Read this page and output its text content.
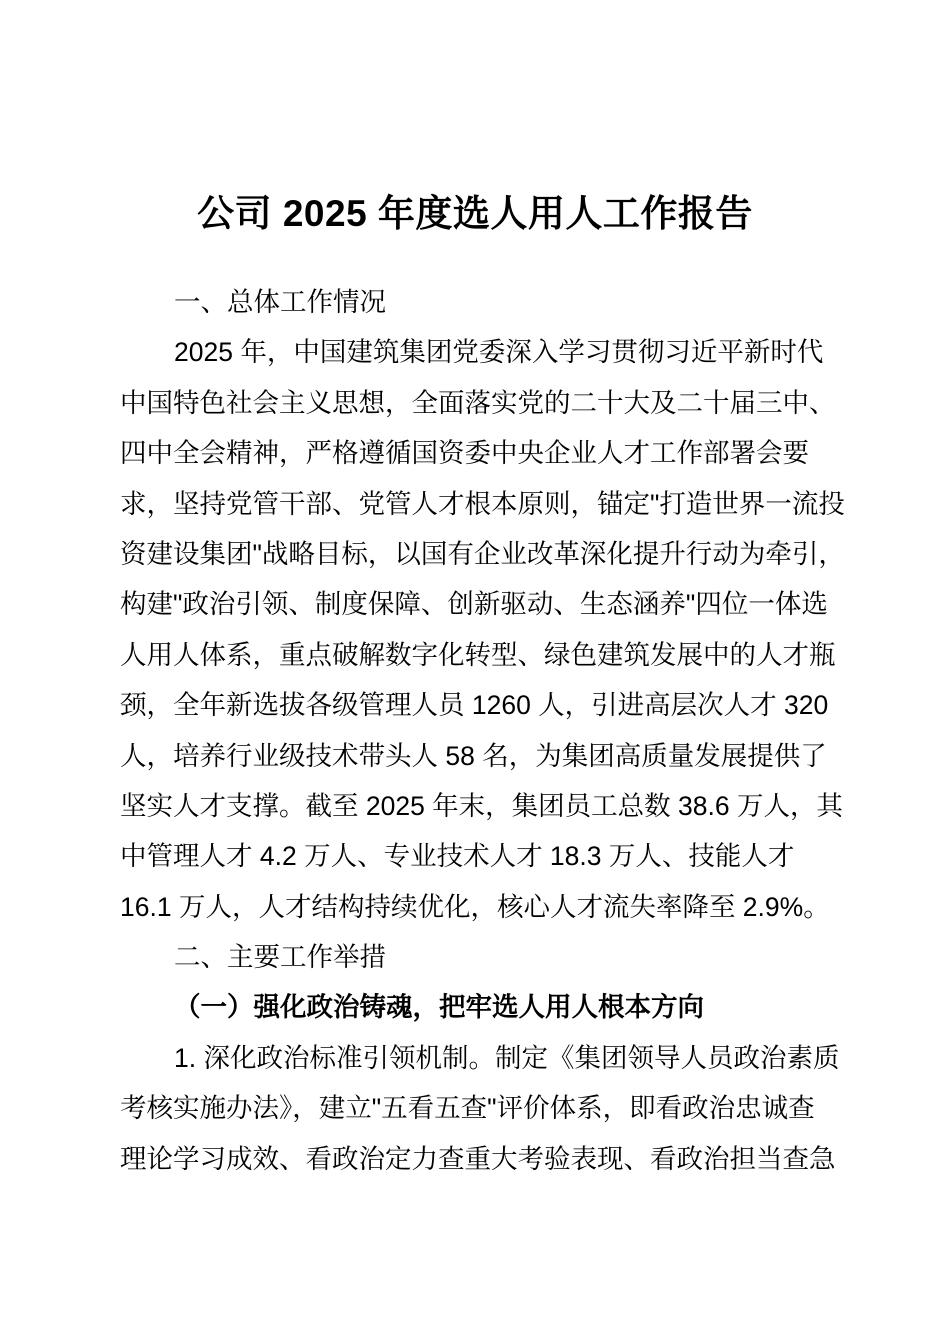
公司 2025 年度选人用人工作报告
一、总体工作情况
2025 年，中国建筑集团党委深入学习贯彻习近平新时代
中国特色社会主义思想，全面落实党的二十大及二十届三中、
四中全会精神，严格遵循国资委中央企业人才工作部署会要
求，坚持党管干部、党管人才根本原则，锚定"打造世界一流投
资建设集团"战略目标，以国有企业改革深化提升行动为牵引，
构建"政治引领、制度保障、创新驱动、生态涵养"四位一体选
人用人体系，重点破解数字化转型、绿色建筑发展中的人才瓶
颈，全年新选拔各级管理人员 1260 人，引进高层次人才 320
人，培养行业级技术带头人 58 名，为集团高质量发展提供了
坚实人才支撑。截至 2025 年末，集团员工总数 38.6 万人，其
中管理人才 4.2 万人、专业技术人才 18.3 万人、技能人才
16.1 万人，人才结构持续优化，核心人才流失率降至 2.9%。
二、主要工作举措
（一）强化政治铸魂，把牢选人用人根本方向
1. 深化政治标准引领机制。制定《集团领导人员政治素质
考核实施办法》，建立"五看五查"评价体系，即看政治忠诚查
理论学习成效、看政治定力查重大考验表现、看政治担当查急
